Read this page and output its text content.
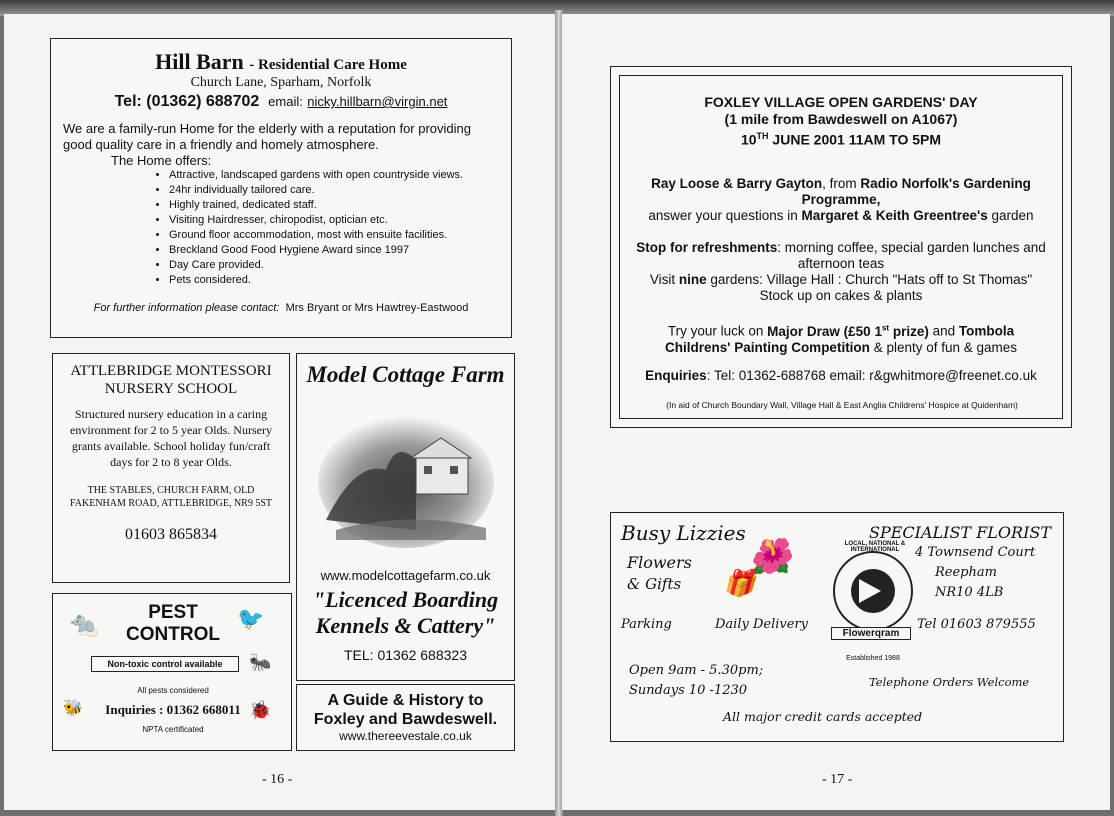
Hill Barn - Residential Care Home
Church Lane, Sparham, Norfolk
Tel: (01362) 688702 email: nicky.hillbarn@virgin.net

We are a family-run Home for the elderly with a reputation for providing good quality care in a friendly and homely atmosphere.

The Home offers:

• Attractive, landscaped gardens with open countryside views.
• 24hr individually tailored care.
• Highly trained, dedicated staff.
• Visiting Hairdresser, chiropodist, optician etc.
• Ground floor accommodation, most with ensuite facilities.
• Breckland Good Food Hygiene Award since 1997
• Day Care provided.
• Pets considered.

For further information please contact: Mrs Bryant or Mrs Hawtrey-Eastwood

ATTLEBRIDGE MONTESSORI NURSERY SCHOOL
Structured nursery education in a caring environment for 2 to 5 year Olds. Nursery grants available. School holiday fun/craft days for 2 to 8 year Olds.
THE STABLES, CHURCH FARM, OLD FAKENHAM ROAD, ATTLEBRIDGE, NR9 5ST
01603 865834
Model Cottage Farm
www.modelcottagefarm.co.uk
"Licenced Boarding Kennels & Cattery"
TEL: 01362 688323
🐀	🐦
PEST CONTROL
Non-toxic control available	🐜
All pests considered
🐝	Inquiries : 01362 668011 🐞
NPTA certificated
A Guide & History to Foxley and Bawdeswell.
www.thereevestale.co.uk
- 16 -
FOXLEY VILLAGE OPEN GARDENS' DAY
(1 mile from Bawdeswell on A1067)
10TH JUNE 2001 11AM TO 5PM
Ray Loose & Barry Gayton, from Radio Norfolk's Gardening Programme,
answer your questions in Margaret & Keith Greentree's garden
Stop for refreshments: morning coffee, special garden lunches and afternoon teas
Visit nine gardens: Village Hall : Church "Hats off to St Thomas"
Stock up on cakes & plants
Try your luck on Major Draw (£50 1st prize) and Tombola
Childrens' Painting Competition & plenty of fun & games
Enquiries: Tel: 01362-688768 email: r&gwhitmore@freenet.co.uk
(In aid of Church Boundary Wall, Village Hall & East Anglia Childrens' Hospice at Quidenham)
Busy Lizzies
Flowers
& Gifts
🌺
🎁
Parking	Daily Delivery
LOCAL, NATIONAL & INTERNATIONAL
Flowerqram
Established 1988
SPECIALIST FLORIST
4 Townsend Court
Reepham
NR10 4LB
Tel 01603 879555
Open 9am - 5.30pm;
Sundays 10 -1230
Telephone Orders Welcome
All major credit cards accepted
- 17 -
